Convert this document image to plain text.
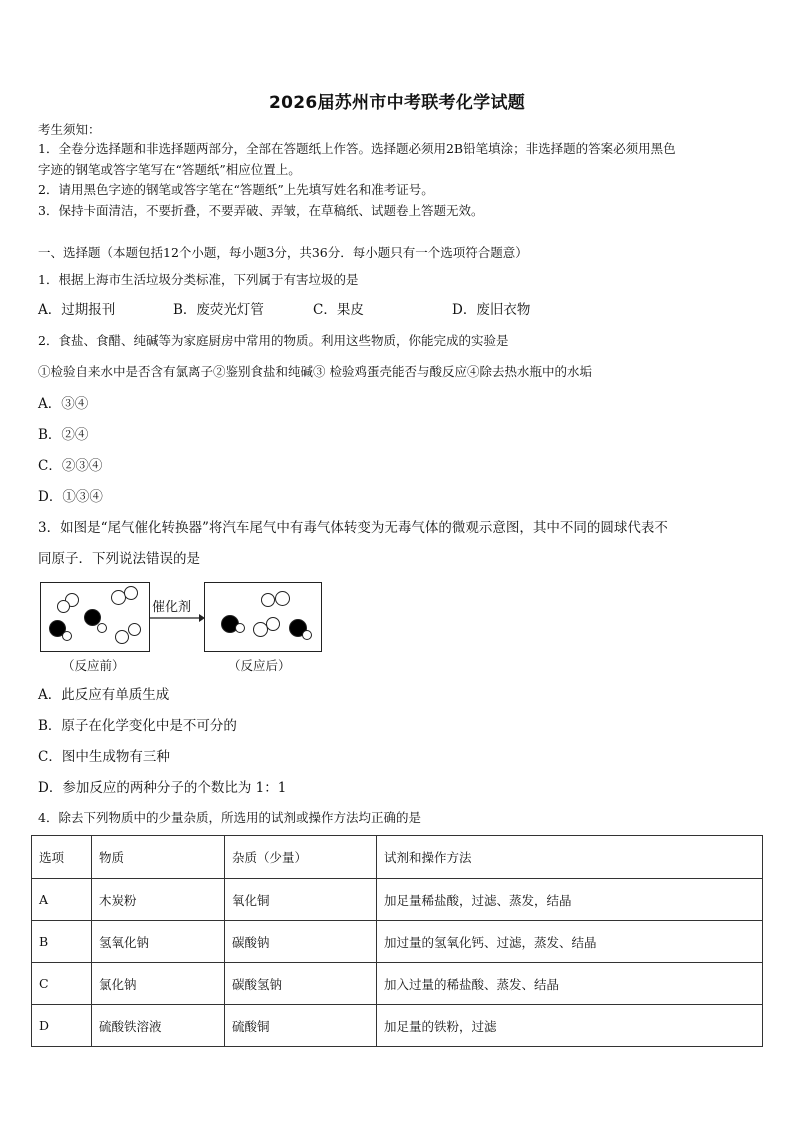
2026届苏州市中考联考化学试题
考生须知：
1．全卷分选择题和非选择题两部分，全部在答题纸上作答。选择题必须用2B铅笔填涂；非选择题的答案必须用黑色
字迹的钢笔或答字笔写在“答题纸”相应位置上。
2．请用黑色字迹的钢笔或答字笔在“答题纸”上先填写姓名和准考证号。
3．保持卡面清洁，不要折叠，不要弄破、弄皱，在草稿纸、试题卷上答题无效。
一、选择题（本题包括12个小题，每小题3分，共36分．每小题只有一个选项符合题意）
1．根据上海市生活垃圾分类标准，下列属于有害垃圾的是
A．过期报刊	B．废荧光灯管	C．果皮	D．废旧衣物
2．食盐、食醋、纯碱等为家庭厨房中常用的物质。利用这些物质，你能完成的实验是
①检验自来水中是否含有氯离子②鉴别食盐和纯碱③ 检验鸡蛋壳能否与酸反应④除去热水瓶中的水垢
A．③④
B．②④
C．②③④
D．①③④
3．如图是“尾气催化转换器”将汽车尾气中有毒气体转变为无毒气体的微观示意图，其中不同的圆球代表不
同原子．下列说法错误的是
催化剂
（反应前）	（反应后）
A．此反应有单质生成
B．原子在化学变化中是不可分的
C．图中生成物有三种
D．参加反应的两种分子的个数比为 1：1
4．除去下列物质中的少量杂质，所选用的试剂或操作方法均正确的是
选项	物质	杂质（少量）	试剂和操作方法
A	木炭粉	氧化铜	加足量稀盐酸，过滤、蒸发，结晶
B	氢氧化钠	碳酸钠	加过量的氢氧化钙、过滤，蒸发、结晶
C	氯化钠	碳酸氢钠	加入过量的稀盐酸、蒸发、结晶
D	硫酸铁溶液	硫酸铜	加足量的铁粉，过滤
